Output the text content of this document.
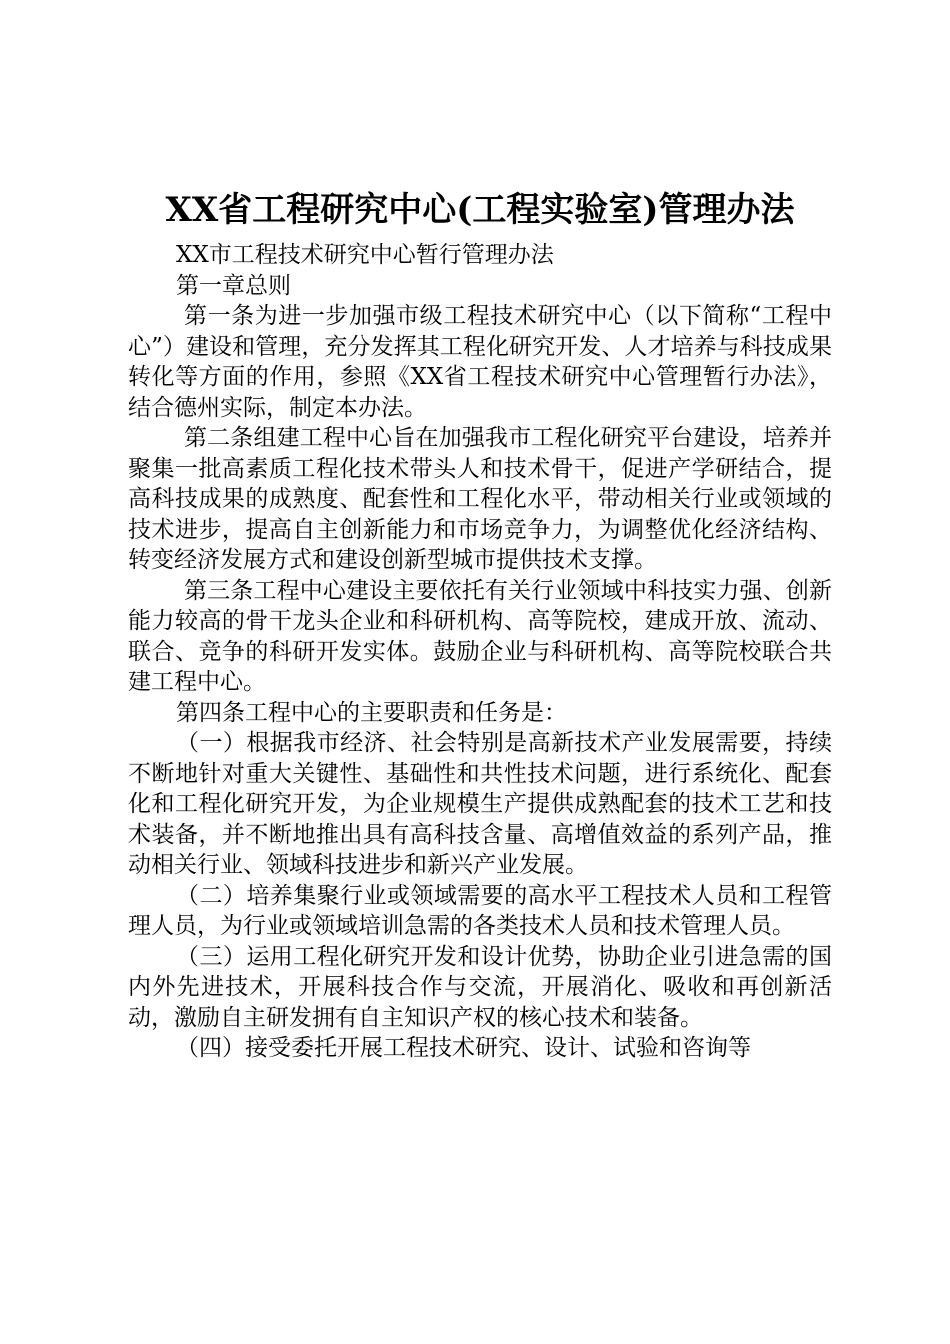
XX省工程研究中心(工程实验室)管理办法

XX市工程技术研究中心暂行管理办法

第一章总则

第一条为进一步加强市级工程技术研究中心（以下简称“工程中心”）建设和管理，充分发挥其工程化研究开发、人才培养与科技成果转化等方面的作用，参照《XX省工程技术研究中心管理暂行办法》，结合德州实际，制定本办法。

第二条组建工程中心旨在加强我市工程化研究平台建设，培养并聚集一批高素质工程化技术带头人和技术骨干，促进产学研结合，提高科技成果的成熟度、配套性和工程化水平，带动相关行业或领域的技术进步，提高自主创新能力和市场竞争力，为调整优化经济结构、转变经济发展方式和建设创新型城市提供技术支撑。

第三条工程中心建设主要依托有关行业领域中科技实力强、创新能力较高的骨干龙头企业和科研机构、高等院校，建成开放、流动、联合、竞争的科研开发实体。鼓励企业与科研机构、高等院校联合共建工程中心。

第四条工程中心的主要职责和任务是：

（一）根据我市经济、社会特别是高新技术产业发展需要，持续不断地针对重大关键性、基础性和共性技术问题，进行系统化、配套化和工程化研究开发，为企业规模生产提供成熟配套的技术工艺和技术装备，并不断地推出具有高科技含量、高增值效益的系列产品，推动相关行业、领域科技进步和新兴产业发展。

（二）培养集聚行业或领域需要的高水平工程技术人员和工程管理人员，为行业或领域培训急需的各类技术人员和技术管理人员。

（三）运用工程化研究开发和设计优势，协助企业引进急需的国内外先进技术，开展科技合作与交流，开展消化、吸收和再创新活动，激励自主研发拥有自主知识产权的核心技术和装备。

（四）接受委托开展工程技术研究、设计、试验和咨询等
